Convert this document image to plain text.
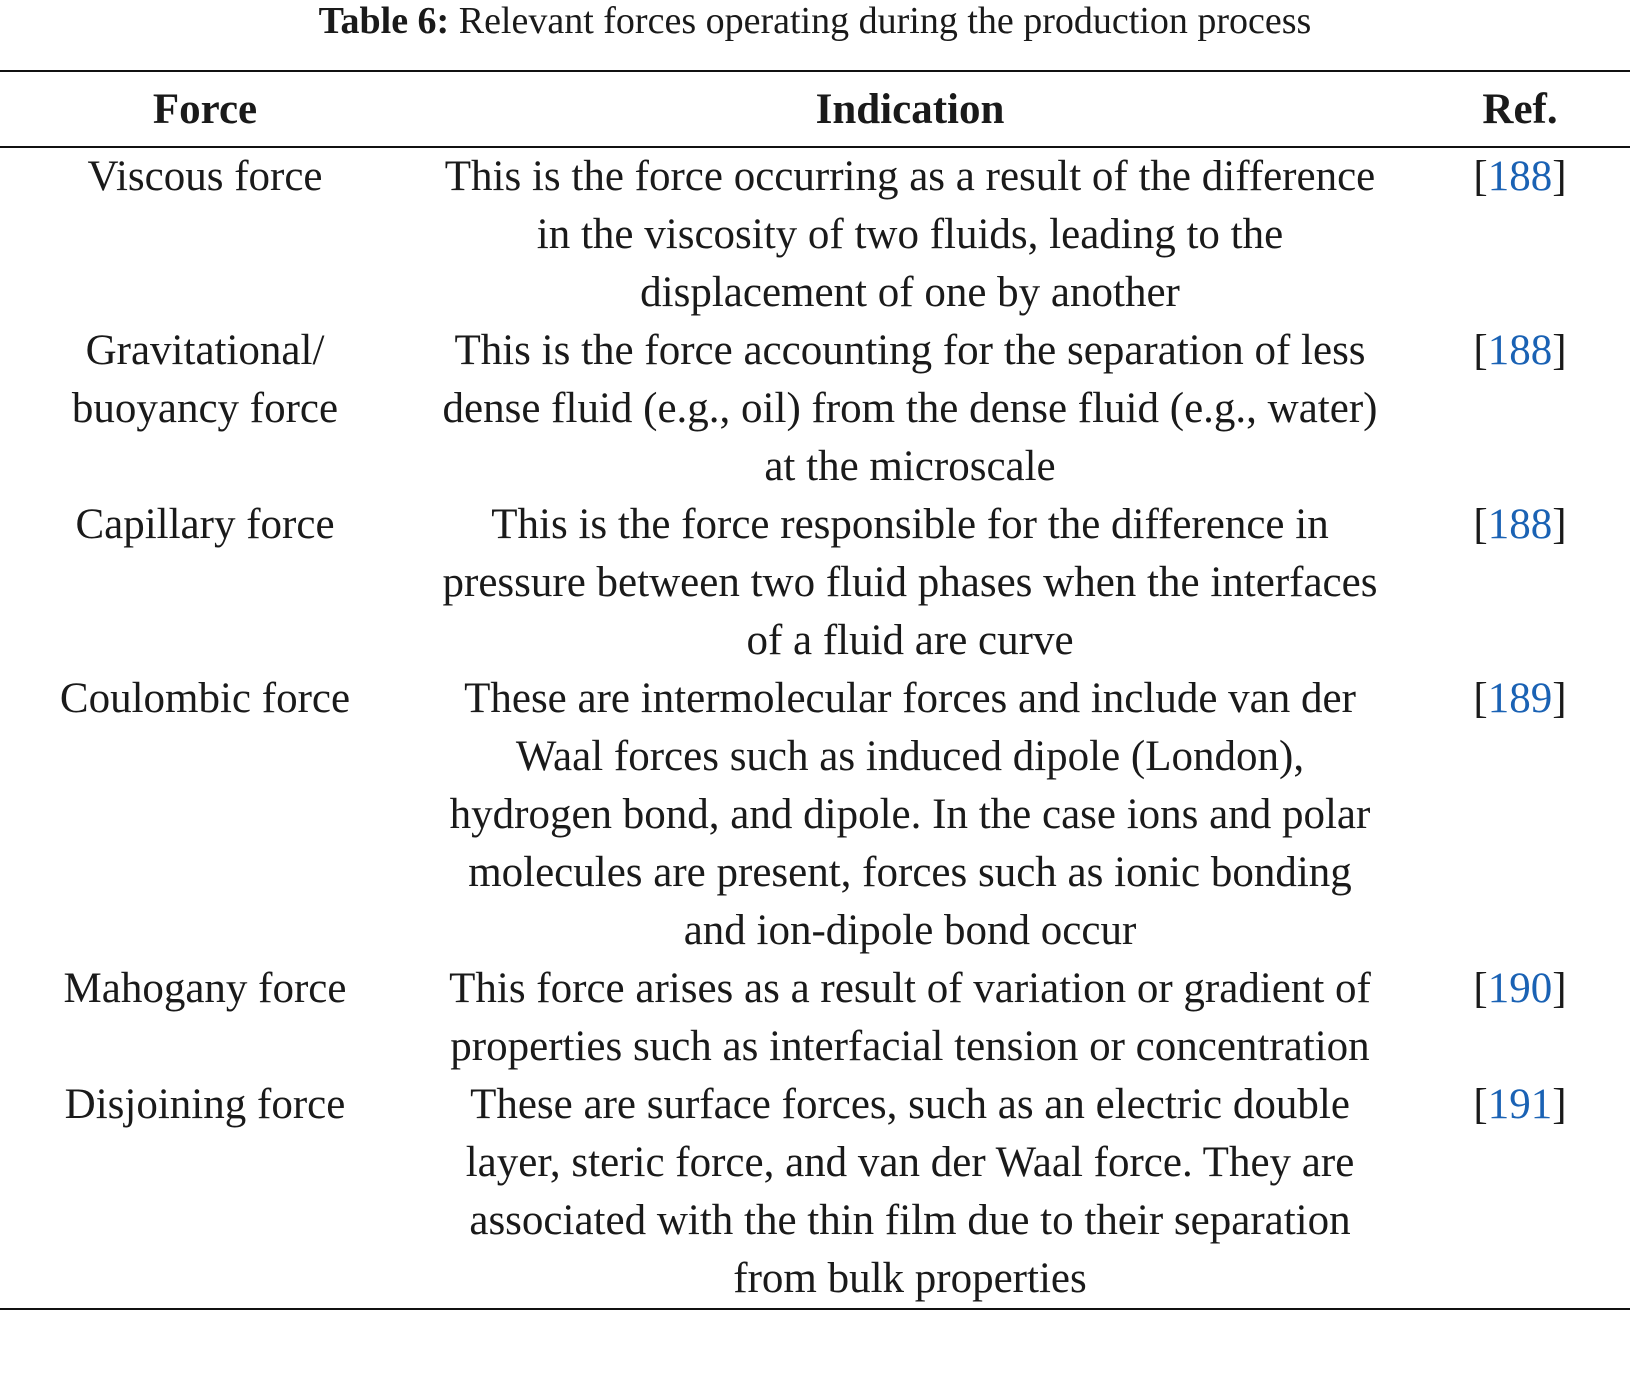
Table 6: Relevant forces operating during the production process
Force	Indication	Ref.
Viscous force	This is the force occurring as a result of the difference in the viscosity of two fluids, leading to the displacement of one by another	[188]
Gravitational/ buoyancy force	This is the force accounting for the separation of less dense fluid (e.g., oil) from the dense fluid (e.g., water) at the microscale	[188]
Capillary force	This is the force responsible for the difference in pressure between two fluid phases when the interfaces of a fluid are curve	[188]
Coulombic force	These are intermolecular forces and include van der Waal forces such as induced dipole (London), hydrogen bond, and dipole. In the case ions and polar molecules are present, forces such as ionic bonding and ion-dipole bond occur	[189]
Mahogany force	This force arises as a result of variation or gradient of properties such as interfacial tension or concentration	[190]
Disjoining force	These are surface forces, such as an electric double layer, steric force, and van der Waal force. They are associated with the thin film due to their separation from bulk properties	[191]
